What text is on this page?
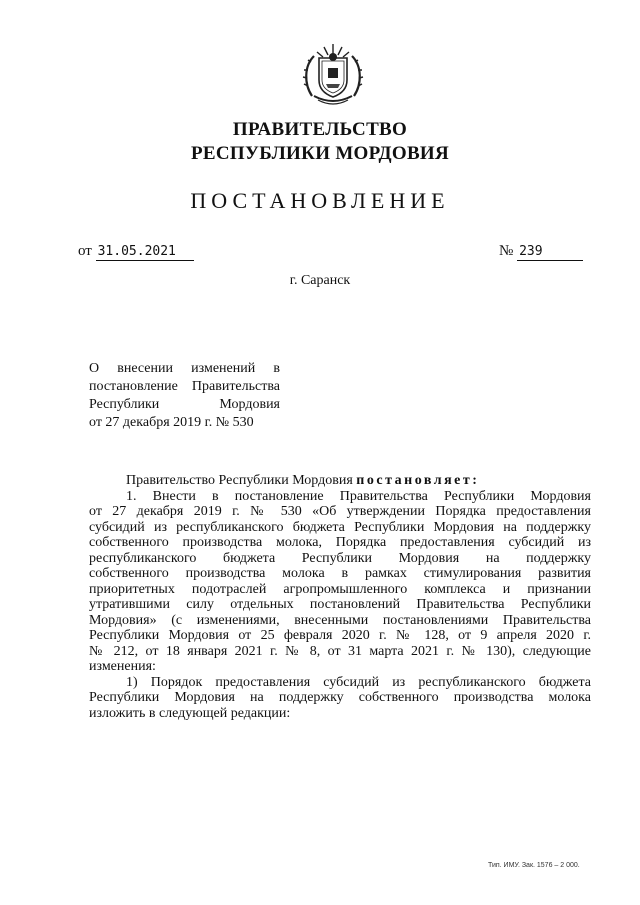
ПРАВИТЕЛЬСТВО
РЕСПУБЛИКИ МОРДОВИЯ
ПОСТАНОВЛЕНИЕ
от 31.05.2021	№ 239
г. Саранск
О внесении изменений в
постановление Правительства
Республики Мордовия
от 27 декабря 2019 г. № 530
Правительство Республики Мордовия постановляет:
1. Внести в постановление Правительства Республики Мордовия
от 27 декабря 2019 г. № 530 «Об утверждении Порядка предоставления
субсидий из республиканского бюджета Республики Мордовия на поддержку
собственного производства молока, Порядка предоставления субсидий из
республиканского бюджета Республики Мордовия на поддержку
собственного производства молока в рамках стимулирования развития
приоритетных подотраслей агропромышленного комплекса и признании
утратившими силу отдельных постановлений Правительства Республики
Мордовия» (с изменениями, внесенными постановлениями Правительства
Республики Мордовия от 25 февраля 2020 г. № 128, от 9 апреля 2020 г.
№ 212, от 18 января 2021 г. № 8, от 31 марта 2021 г. № 130), следующие
изменения:
1) Порядок предоставления субсидий из республиканского бюджета
Республики Мордовия на поддержку собственного производства молока
изложить в следующей редакции:
Тип. ИМУ. Зак. 1576 – 2 000.
